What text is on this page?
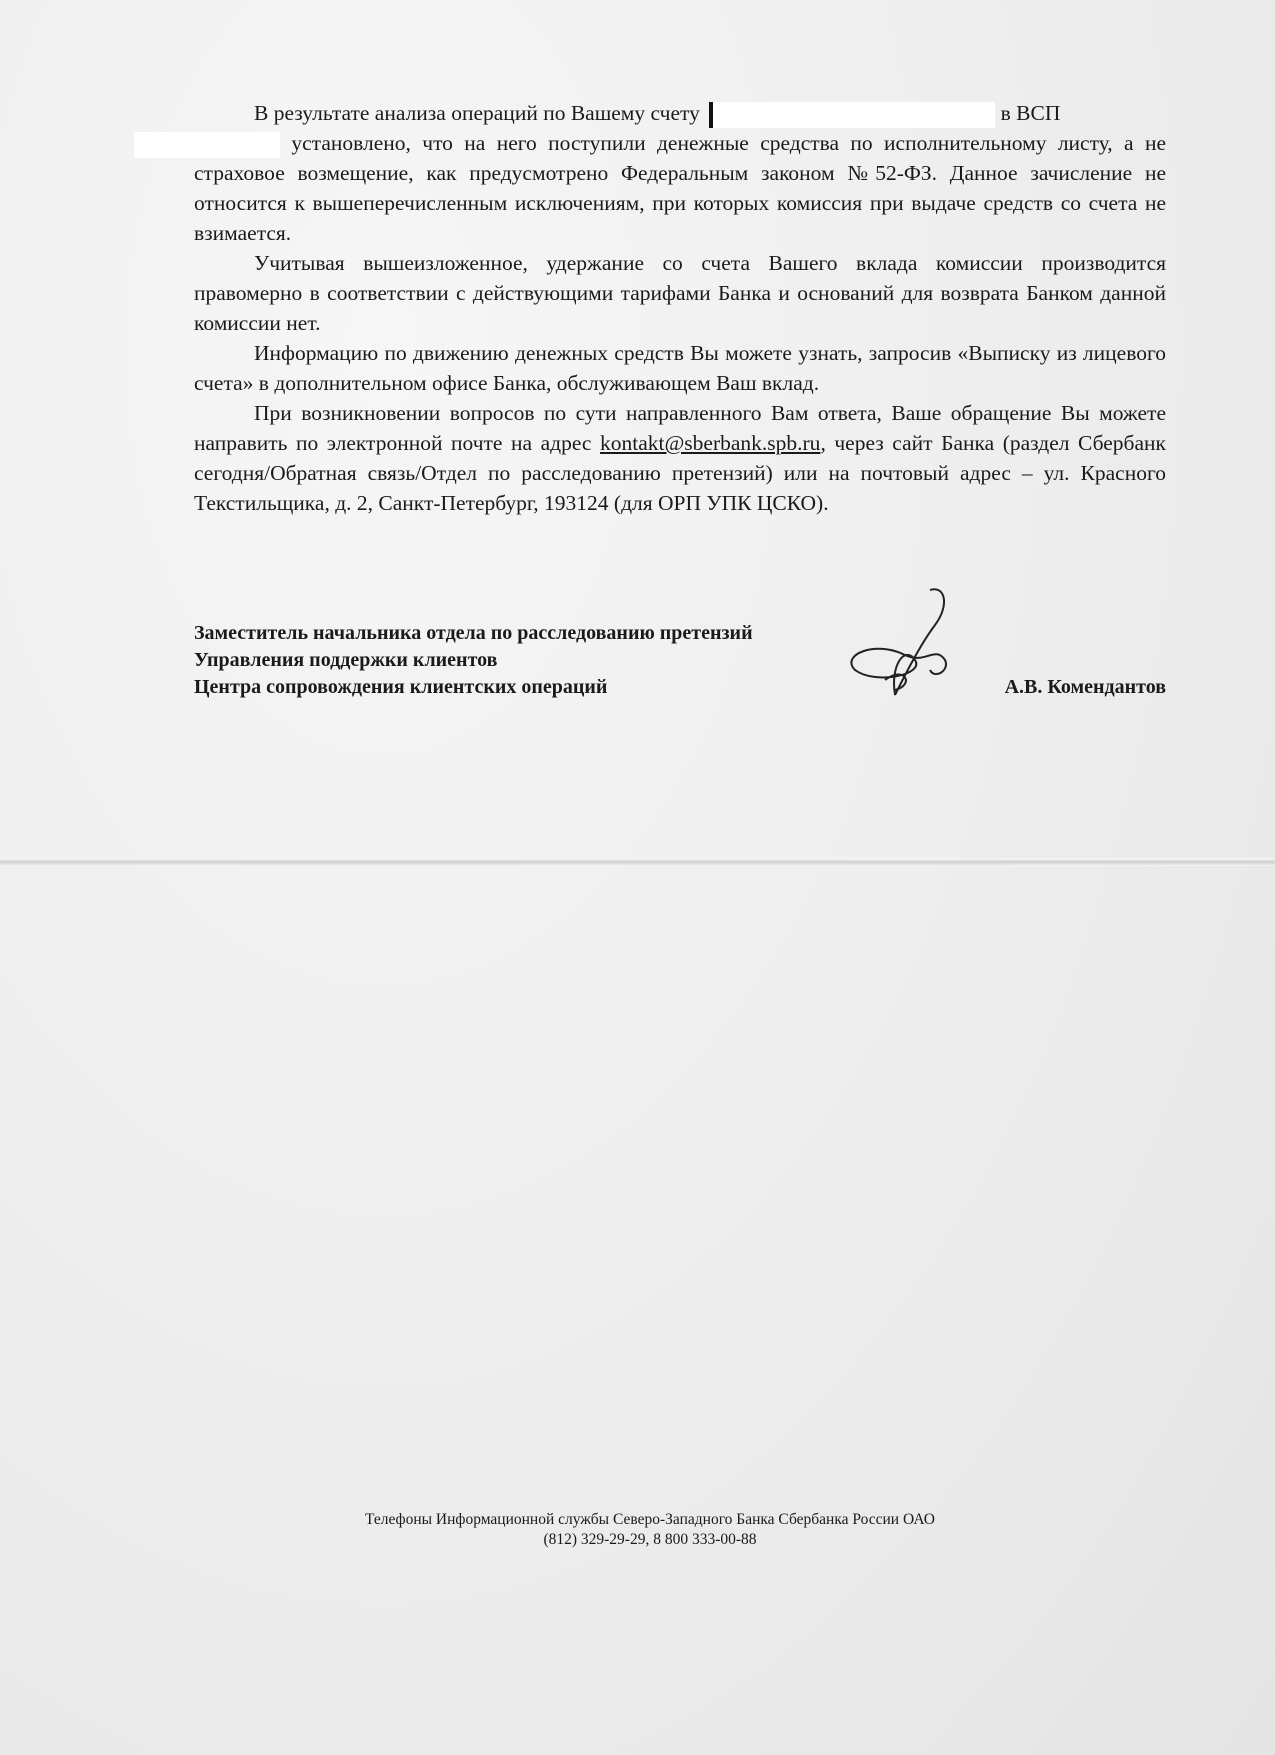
В результате анализа операций по Вашему счету	в ВСП
установлено, что на него поступили денежные средства по исполнительному листу, а не страховое возмещение, как предусмотрено Федеральным законом №52-ФЗ. Данное зачисление не относится к вышеперечисленным исключениям, при которых комиссия при выдаче средств со счета не взимается.

Учитывая вышеизложенное, удержание со счета Вашего вклада комиссии производится правомерно в соответствии с действующими тарифами Банка и оснований для возврата Банком данной комиссии нет.

Информацию по движению денежных средств Вы можете узнать, запросив «Выписку из лицевого счета» в дополнительном офисе Банка, обслуживающем Ваш вклад.

При возникновении вопросов по сути направленного Вам ответа, Ваше обращение Вы можете направить по электронной почте на адрес kontakt@sberbank.spb.ru, через сайт Банка (раздел Сбербанк сегодня/Обратная связь/Отдел по расследованию претензий) или на почтовый адрес – ул. Красного Текстильщика, д. 2, Санкт-Петербург, 193124 (для ОРП УПК ЦСКО).

Заместитель начальника отдела по расследованию претензий
Управления поддержки клиентов
Центра сопровождения клиентских операций	А.В. Комендантов
Телефоны Информационной службы Северо-Западного Банка Сбербанка России ОАО
(812) 329-29-29, 8 800 333-00-88
